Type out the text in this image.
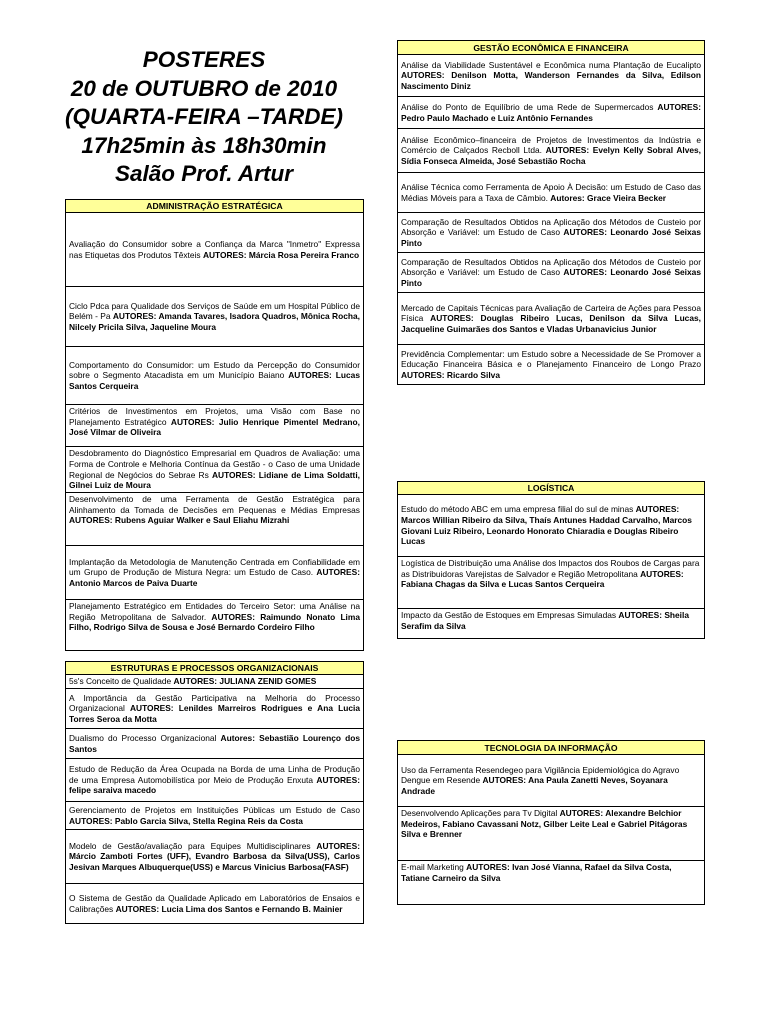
POSTERES
20 de OUTUBRO de 2010
(QUARTA-FEIRA –TARDE)
17h25min às 18h30min
Salão Prof. Artur
ADMINISTRAÇÃO ESTRATÉGICA
Avaliação do Consumidor sobre a Confiança da Marca "Inmetro" Expressa nas Etiquetas dos Produtos Têxteis AUTORES: Márcia Rosa Pereira Franco
Ciclo Pdca para Qualidade dos Serviços de Saúde em um Hospital Público de Belém - Pa AUTORES: Amanda Tavares, Isadora Quadros, Mônica Rocha, Nilcely Pricila Silva, Jaqueline Moura
Comportamento do Consumidor: um Estudo da Percepção do Consumidor sobre o Segmento Atacadista em um Município Baiano AUTORES: Lucas Santos Cerqueira
Critérios de Investimentos em Projetos, uma Visão com Base no Planejamento Estratégico AUTORES: Julio Henrique Pimentel Medrano, José Vilmar de Oliveira
Desdobramento do Diagnóstico Empresarial em Quadros de Avaliação: uma Forma de Controle e Melhoria Contínua da Gestão - o Caso de uma Unidade Regional de Negócios do Sebrae Rs AUTORES: Lidiane de Lima Soldatti, Gilnei Luiz de Moura
Desenvolvimento de uma Ferramenta de Gestão Estratégica para Alinhamento da Tomada de Decisões em Pequenas e Médias Empresas AUTORES: Rubens Aguiar Walker e Saul Eliahu Mizrahi
Implantação da Metodologia de Manutenção Centrada em Confiabilidade em um Grupo de Produção de Mistura Negra: um Estudo de Caso. AUTORES: Antonio Marcos de Paiva Duarte
Planejamento Estratégico em Entidades do Terceiro Setor: uma Análise na Região Metropolitana de Salvador. AUTORES: Raimundo Nonato Lima Filho, Rodrigo Silva de Sousa e José Bernardo Cordeiro Filho
ESTRUTURAS E PROCESSOS ORGANIZACIONAIS
5s's Conceito de Qualidade AUTORES: JULIANA ZENID GOMES
A Importância da Gestão Participativa na Melhoria do Processo Organizacional AUTORES: Lenildes Marreiros Rodrigues e Ana Lucia Torres Seroa da Motta
Dualismo do Processo Organizacional Autores: Sebastião Lourenço dos Santos
Estudo de Redução da Área Ocupada na Borda de uma Linha de Produção de uma Empresa Automobilística por Meio de Produção Enxuta AUTORES: felipe saraiva macedo
Gerenciamento de Projetos em Instituições Públicas um Estudo de Caso AUTORES: Pablo Garcia Silva, Stella Regina Reis da Costa
Modelo de Gestão/avaliação para Equipes Multidisciplinares AUTORES: Márcio Zamboti Fortes (UFF), Evandro Barbosa da Silva(USS), Carlos Jesivan Marques Albuquerque(USS) e Marcus Vinicius Barbosa(FASF)
O Sistema de Gestão da Qualidade Aplicado em Laboratórios de Ensaios e Calibrações AUTORES: Lucia Lima dos Santos e Fernando B. Mainier
GESTÃO ECONÔMICA E FINANCEIRA
Análise da Viabilidade Sustentável e Econômica numa Plantação de Eucalipto AUTORES: Denilson Motta, Wanderson Fernandes da Silva, Edilson Nascimento Diniz
Análise do Ponto de Equilíbrio de uma Rede de Supermercados AUTORES: Pedro Paulo Machado e Luiz Antônio Fernandes
Análise Econômico–financeira de Projetos de Investimentos da Indústria e Comércio de Calçados Recboll Ltda. AUTORES: Evelyn Kelly Sobral Alves, Sídia Fonseca Almeida, José Sebastião Rocha
Análise Técnica como Ferramenta de Apoio À Decisão: um Estudo de Caso das Médias Móveis para a Taxa de Câmbio. Autores: Grace Vieira Becker
Comparação de Resultados Obtidos na Aplicação dos Métodos de Custeio por Absorção e Variável: um Estudo de Caso AUTORES: Leonardo José Seixas Pinto
Comparação de Resultados Obtidos na Aplicação dos Métodos de Custeio por Absorção e Variável: um Estudo de Caso AUTORES: Leonardo José Seixas Pinto
Mercado de Capitais Técnicas para Avaliação de Carteira de Ações para Pessoa Física AUTORES: Douglas Ribeiro Lucas, Denilson da Silva Lucas, Jacqueline Guimarães dos Santos e Vladas Urbanavicius Junior
Previdência Complementar: um Estudo sobre a Necessidade de Se Promover a Educação Financeira Básica e o Planejamento Financeiro de Longo Prazo AUTORES: Ricardo Silva
LOGÍSTICA
Estudo do método ABC em uma empresa filial do sul de minas AUTORES: Marcos Willian Ribeiro da Silva, Thaís Antunes Haddad Carvalho, Marcos Giovani Luiz Ribeiro, Leonardo Honorato Chiaradia e Douglas Ribeiro Lucas
Logística de Distribuição uma Análise dos Impactos dos Roubos de Cargas para as Distribuidoras Varejistas de Salvador e Região Metropolitana AUTORES: Fabiana Chagas da Silva e Lucas Santos Cerqueira
Impacto da Gestão de Estoques em Empresas Simuladas AUTORES: Sheila Serafim da Silva
TECNOLOGIA DA INFORMAÇÃO
Uso da Ferramenta Resendegeo para Vigilância Epidemiológica do Agravo Dengue em Resende AUTORES: Ana Paula Zanetti Neves, Soyanara Andrade
Desenvolvendo Aplicações para Tv Digital AUTORES: Alexandre Belchior Medeiros, Fabiano Cavassani Notz, Gilber Leite Leal e Gabriel Pitágoras Silva e Brenner
E-mail Marketing AUTORES: Ivan José Vianna, Rafael da Silva Costa, Tatiane Carneiro da Silva
